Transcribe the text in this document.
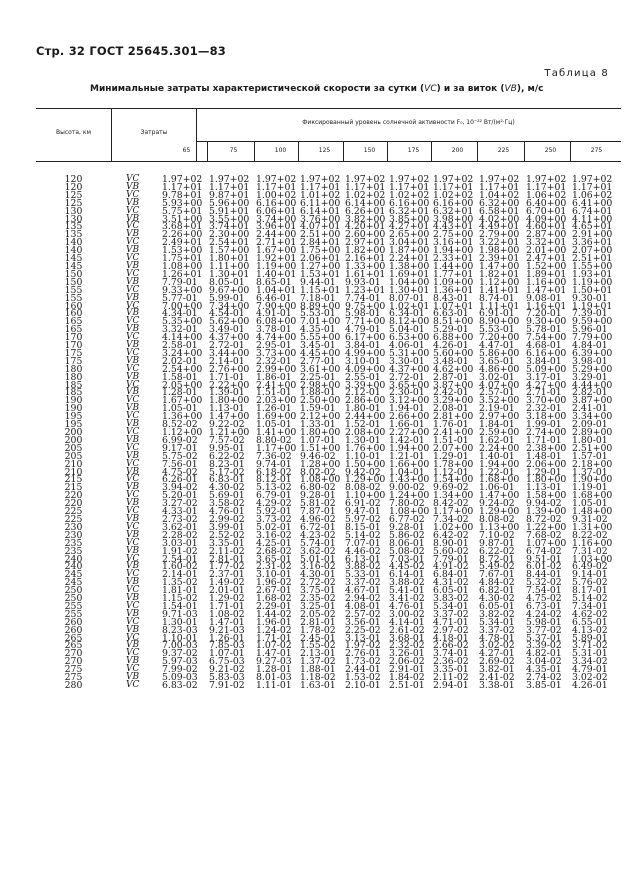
Стр. 32 ГОСТ 25645.301—83
Таблица 8
Минимальные затраты характеристической скорости за сутки (VC) и за виток (VB), м/с
Высота, км	Затраты
Фиксированный уровень солнечной активности F₀, 10⁻²² Вт/(м²·Гц)
65	75	100	125	150	175	200	225	250	275
120	VC	1.97+02 1.97+02 1.97+02 1.97+02 1.97+02 1.97+02 1.97+02 1.97+02 1.97+02 1.97+02
120	VB	1.17+01 1.17+01 1.17+01 1.17+01 1.17+01 1.17+01 1.17+01 1.17+01 1.17+01 1.17+01
125	VC	9.78+01 9.87+01 1.00+02 1.01+02 1.02+02 1.02+02 1.02+02 1.04+02 1.06+02 1.06+02
125	VB	5.93+00 5.96+00 6.16+00 6.11+00 6.14+00 6.16+00 6.16+00 6.32+00 6.40+00 6.41+00
130	VC	5.75+01 5.91+01 6.06+01 6.14+01 6.26+01 6.32+01 6.32+01 6.58+01 6.70+01 6.74+01
130	VB	3.51+00 3.55+00 3.74+00 3.76+00 3.82+00 3.85+00 3.98+00 4.02+00 4.09+00 4.11+00
135	VC	3.68+01 3.74+01 3.96+01 4.07+01 4.20+01 4.27+01 4.43+01 4.49+01 4.60+01 4.65+01
135	VB	2.26+00 2.30+00 2.44+00 2.51+00 2.60+00 2.65+00 2.75+00 2.79+00 2.87+00 2.91+00
140	VC	2.49+01 2.54+01 2.71+01 2.84+01 2.97+01 3.04+01 3.16+01 3.22+01 3.32+01 3.36+01
140	VB	1.53+00 1.57+00 1.67+00 1.75+00 1.82+00 1.87+00 1.94+00 1.98+00 2.01+00 2.07+00
145	VC	1.75+01 1.80+01 1.92+01 2.06+01 2.16+01 2.24+01 2.33+01 2.39+01 2.47+01 2.51+01
145	VB	1.08+00 1.11+00 1.19+00 1.27+00 1.33+00 1.38+00 1.44+00 1.47+00 1.52+00 1.55+00
150	VC	1.26+01 1.30+01 1.40+01 1.53+01 1.61+01 1.69+01 1.77+01 1.82+01 1.89+01 1.93+01
150	VB	7.79-01	8.05-01	8.65-01 9.44-01	9.93-01 1.04+00 1.09+00 1.12+00 1.16+00 1.19+00
155	VC	9.33+00 9.67+00 1.04+01 1.15+01 1.23+01 1.30+01 1.36+01 1.41+01 1.47+01 1.50+01
155	VB	5.77-01	5.99-01	6.46-01 7.18-01	7.74-01 8.07-01 8.43-01	8.74-01	9.08-01	9.30-01
160	VC	7.00+00 7.34+00 7.90+00 8.89+00 9.75+00 1.02+01 1.07+01 1.11+01 1.16+01 1.19+01
160	VB	4.34-01	4.54-01	4.91-01 5.53-01	5.98-01 6.34-01 6.63-01	6.91-01	7.20-01	7.39-01
165	VC	5.35+00 5.62+00 6.08+00 7.01+00 7.71+00 8.12+00 8.51+00 8.90+00 9.30+00 9.59+00
165	VB	3.32-01	3.49-01	3.78-01 4.35-01	4.79-01 5.04-01 5.29-01	5.53-01	5.78-01	5.96-01
170	VC	4.14+00 4.37+00 4.74+00 5.55+00 6.17+00 6.53+00 6.88+00 7.20+00 7.54+00 7.79+00
170	VB	2.58-01	2.72-01	2.95-01 3.45-01	3.84-01 4.06-01 4.26-01	4.47-01	4.68-01	4.84-01
175	VC	3.24+00 3.44+00 3.73+00 4.45+00 4.99+00 5.31+00 5.60+00 5.86+00 6.16+00 6.39+00
175	VB	2.02-01	2.14-01	2.32-01 2.77-01	3.10-01 3.30-01 3.48-01	3.65-01	3.84-01	3.98-01
180	VC	2.54+00 2.76+00 2.99+00 3.61+00 4.09+00 4.37+00 4.62+00 4.86+00 5.09+00 5.29+00
180	VB	1.58-01	1.71-01	1.86-01 2.25-01	2.55-01 2.72-01 2.87-01	3.02-01	3.17-01	3.29-01
185	VC	2.05+00 2.22+00 2.41+00 2.98+00 3.39+00 3.65+00 3.87+00 4.07+00 4.27+00 4.44+00
185	VB	1.28-01	1.39-01	1.51-01 1.88-01	2.12-01 2.30-01 2.42-01	2.57-01	2.71-01	2.82-01
190	VC	1.67+00 1.80+00 2.03+00 2.50+00 2.86+00 3.12+00 3.29+00 3.52+00 3.70+00 3.87+00
190	VB	1.05-01	1.13-01	1.26-01 1.59-01	1.80-01 1.94-01 2.08-01	2.19-01	2.32-01	2.41-01
195	VC	1.36+00 1.47+00 1.69+00 2.12+00 2.44+00 2.66+00 2.81+00 2.97+00 3.18+00 3.34+00
195	VB	8.52-02	9.22-02	1.05-01 1.33-01	1.52-01 1.66-01 1.76-01	1.84-01	1.99-01	2.09-01
200	VC	1.12+00 1.21+00 1.41+00 1.80+00 2.08+00 2.27+00 2.41+00 2.59+00 2.74+00 2.89+00
200	VB	6.99-02	7.57-02	8.80-02 1.07-01	1.30-01 1.42-01 1.51-01	1.62-01	1.71-01	1.80-01
205	VC	9.17-01	9.95-01	1.17+00 1.51+00 1.76+00 1.94+00 2.07+00 2.24+00 2.38+00 2.51+00
205	VB	5.75-02	6.22-02	7.36-02 9.46-02	1.10-01 1.21-01 1.29-01	1.40-01	1.48-01	1.57-01
210	VC	7.56-01	8.23-01	9.74-01 1.28+00 1.50+00 1.66+00 1.78+00 1.94+00 2.06+00 2.18+00
210	VB	4.75-02	5.17-02	6.18-02 8.02-02	9.42-02 1.04-01 1.12-01	1.22-01	1.29-01	1.37-01
215	VC	6.26-01	6.83-01	8.12-01 1.08+00 1.29+00 1.43+00 1.54+00 1.68+00 1.80+00 1.90+00
215	VB	3.94-02	4.30-02	5.13-02 6.80-02	8.08-02 9.00-02 9.69-02	1.06-01	1.13-01	1.19-01
220	VC	5.20-01	5.69-01	6.79-01 9.28-01	1.10+00 1.24+00 1.34+00 1.47+00 1.58+00 1.68+00
220	VB	3.27-02	3.58-02	4.29-02 5.81-02	6.91-02 7.80-02 8.42-02	9.24-02	9.94-02	1.05-01
225	VC	4.33-01	4.76-01	5.92-01 7.87-01	9.47-01 1.08+00 1.17+00 1.29+00 1.39+00 1.48+00
225	VB	2.73-02	2.99-02	3.73-02 4.96-02	5.97-02 6.77-02 7.34-02	8.08-02	8.72-02	9.31-02
230	VC	3.62-01	3.99-01	5.02-01 6.72-01	8.15-01 9.28-01 1.02+00 1.13+00 1.22+00 1.31+00
230	VB	2.28-02	2.52-02	3.16-02 4.23-02	5.14-02 5.86-02 6.42-02	7.10-02	7.68-02	8.22-02
235	VC	3.03-01	3.35-01	4.25-01 5.74-01	7.07-01 8.06-01 8.90-01	9.87-01	1.07+00 1.16+00
235	VB	1.91-02	2.11-02	2.68-02 3.62-02	4.46-02 5.08-02 5.60-02	6.22-02	6.74-02	7.31-02
240	VC	2.54-01	2.81-01	3.65-01 5.01-01	6.13-01 7.03-01 7.79-01	8.72-01	9.51-01	1.03+00
240	VB	1.60-02	1.77-02	2.31-02 3.16-02	3.88-02 4.45-02 4.91-02	5.49-02	6.01-02	6.49-02
245	VC	2.14-01	2.37-01	3.10-01 4.30-01	5.33-01 6.14-01 6.84-01	7.67-01	8.44-01	9.14-01
245	VB	1.35-02	1.49-02	1.96-02 2.72-02	3.37-02 3.88-02 4.31-02	4.84-02	5.32-02	5.76-02
250	VC	1.81-01	2.01-01	2.67-01 3.75-01	4.67-01 5.41-01 6.05-01	6.82-01	7.54-01	8.17-01
250	VB	1.15-02	1.29-02	1.68-02 2.35-02	2.94-02 3.41-02 3.83-02	4.30-02	4.75-02	5.14-02
255	VC	1.54-01	1.71-01	2.29-01 3.25-01	4.08-01 4.76-01 5.34-01	6.05-01	6.73-01	7.34-01
255	VB	9.71-03	1.08-02	1.44-02 2.05-02	2.57-02 3.00-02 3.37-02	3.82-02	4.24-02	4.62-02
260	VC	1.30-01	1.47-01	1.96-01 2.81-01	3.56-01 4.14-01 4.71-01	5.34-01	5.98-01	6.55-01
260	VB	8.23-03	9.21-03	1.24-02 1.78-02	2.25-02 2.61-02 2.97-02	3.37-02	3.77-02	4.13-02
265	VC	1.10-01	1.26-01	1.71-01 2.45-01	3.13-01 3.68-01 4.18-01	4.78-01	5.37-01	5.89-01
265	VB	7.00-03	7.85-03	1.07-02 1.55-02	1.97-02 2.32-02 2.66-02	3.02-02	3.39-02	3.71-02
270	VC	9.37-02	1.07-01	1.47-01 2.13-01	2.76-01 3.26-01 3.74-01	4.27-01	4.82-01	5.31-01
270	VB	5.97-03	6.75-03	9.27-03 1.37-02	1.73-02 2.06-02 2.36-02	2.69-02	3.04-02	3.34-02
275	VC	7.99-02	9.21-02	1.28-01 1.88-01	2.44-01 2.91-01 3.35-01	3.82-01	4.35-01	4.79-01
275	VB	5.09-03	5.83-03	8.01-03 1.18-02	1.53-02 1.84-02 2.11-02	2.41-02	2.74-02	3.02-02
280	VC	6.83-02	7.91-02	1.11-01 1.63-01	2.10-01 2.51-01 2.94-01	3.38-01	3.85-01	4.26-01
